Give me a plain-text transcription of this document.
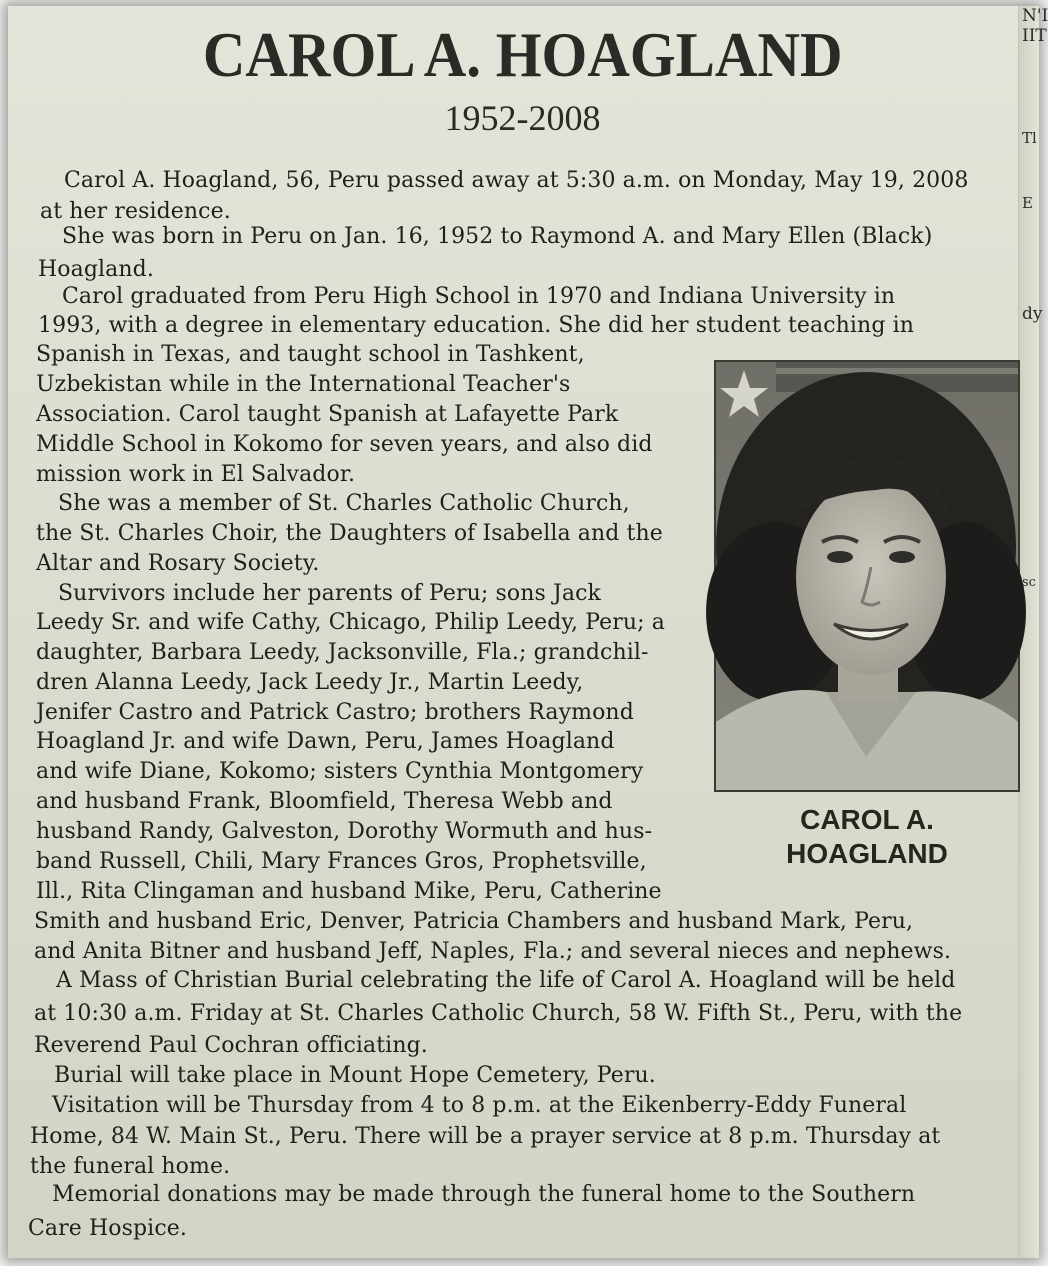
N'I
IIT
Tl
E
dy
sc
CAROL A. HOAGLAND

1952-2008

Carol A. Hoagland, 56, Peru passed away at 5:30 a.m. on Monday, May 19, 2008

at her residence.

She was born in Peru on Jan. 16, 1952 to Raymond A. and Mary Ellen (Black)

Hoagland.

Carol graduated from Peru High School in 1970 and Indiana University in

1993, with a degree in elementary education. She did her student teaching in

Spanish in Texas, and taught school in Tashkent,

Uzbekistan while in the International Teacher's

Association. Carol taught Spanish at Lafayette Park

Middle School in Kokomo for seven years, and also did

mission work in El Salvador.

She was a member of St. Charles Catholic Church,

the St. Charles Choir, the Daughters of Isabella and the

Altar and Rosary Society.

Survivors include her parents of Peru; sons Jack

Leedy Sr. and wife Cathy, Chicago, Philip Leedy, Peru; a

daughter, Barbara Leedy, Jacksonville, Fla.; grandchil-

dren Alanna Leedy, Jack Leedy Jr., Martin Leedy,

Jenifer Castro and Patrick Castro; brothers Raymond

Hoagland Jr. and wife Dawn, Peru, James Hoagland

and wife Diane, Kokomo; sisters Cynthia Montgomery

and husband Frank, Bloomfield, Theresa Webb and

husband Randy, Galveston, Dorothy Wormuth and hus-

band Russell, Chili, Mary Frances Gros, Prophetsville,

Ill., Rita Clingaman and husband Mike, Peru, Catherine

Smith and husband Eric, Denver, Patricia Chambers and husband Mark, Peru,

and Anita Bitner and husband Jeff, Naples, Fla.; and several nieces and nephews.

A Mass of Christian Burial celebrating the life of Carol A. Hoagland will be held

at 10:30 a.m. Friday at St. Charles Catholic Church, 58 W. Fifth St., Peru, with the

Reverend Paul Cochran officiating.

Burial will take place in Mount Hope Cemetery, Peru.

Visitation will be Thursday from 4 to 8 p.m. at the Eikenberry-Eddy Funeral

Home, 84 W. Main St., Peru. There will be a prayer service at 8 p.m. Thursday at

the funeral home.

Memorial donations may be made through the funeral home to the Southern

Care Hospice.

CAROL A.

HOAGLAND
